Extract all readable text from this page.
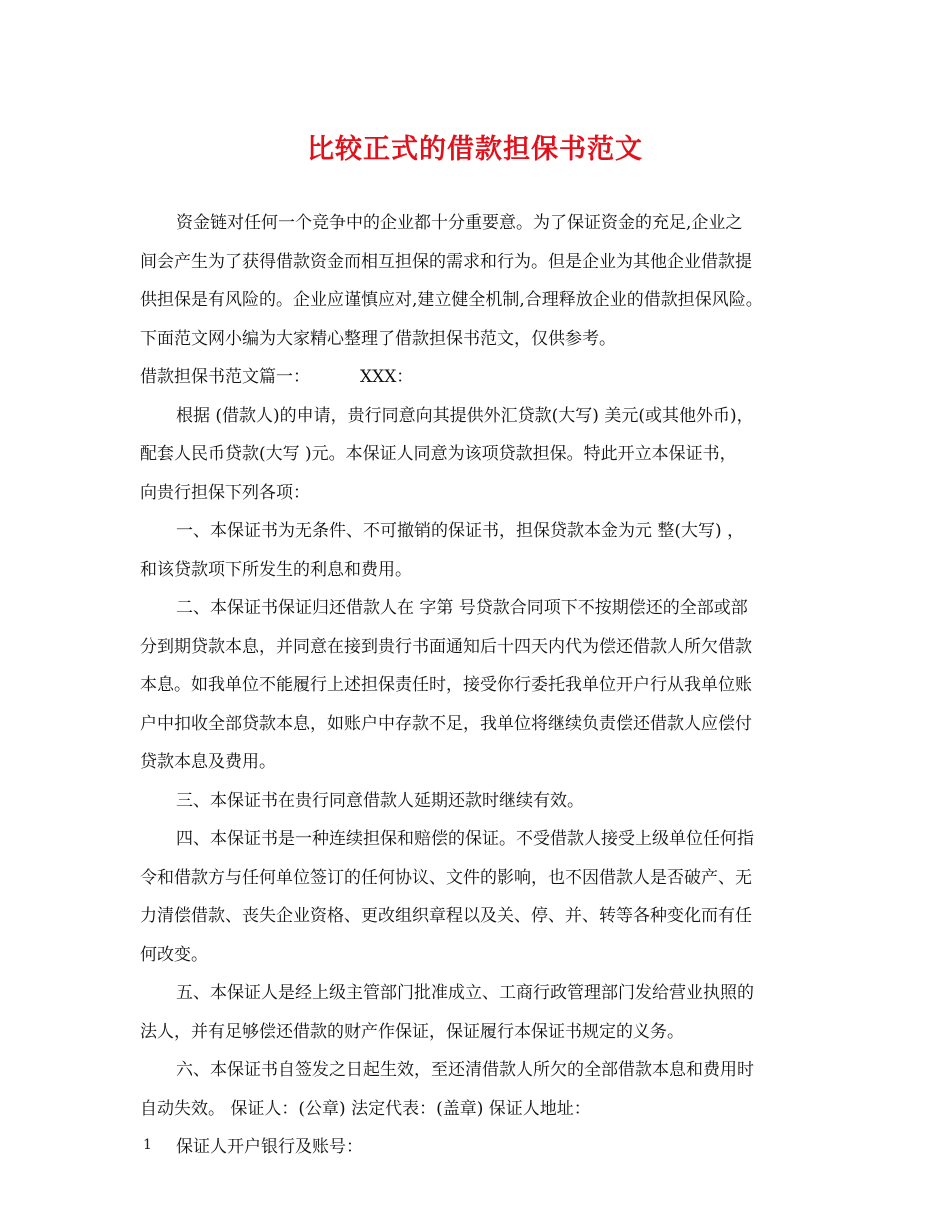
比较正式的借款担保书范文

资金链对任何一个竞争中的企业都十分重要意。为了保证资金的充足,企业之

间会产生为了获得借款资金而相互担保的需求和行为。但是企业为其他企业借款提

供担保是有风险的。企业应谨慎应对,建立健全机制,合理释放企业的借款担保风险。

下面范文网小编为大家精心整理了借款担保书范文，仅供参考。

借款担保书范文篇一：	XXX：

根据 (借款人)的申请，贵行同意向其提供外汇贷款(大写) 美元(或其他外币)，

配套人民币贷款(大写 )元。本保证人同意为该项贷款担保。特此开立本保证书，

向贵行担保下列各项：

一、本保证书为无条件、不可撤销的保证书，担保贷款本金为元 整(大写) ，

和该贷款项下所发生的利息和费用。

二、本保证书保证归还借款人在 字第 号贷款合同项下不按期偿还的全部或部

分到期贷款本息，并同意在接到贵行书面通知后十四天内代为偿还借款人所欠借款

本息。如我单位不能履行上述担保责任时，接受你行委托我单位开户行从我单位账

户中扣收全部贷款本息，如账户中存款不足，我单位将继续负责偿还借款人应偿付

贷款本息及费用。

三、本保证书在贵行同意借款人延期还款时继续有效。

四、本保证书是一种连续担保和赔偿的保证。不受借款人接受上级单位任何指

令和借款方与任何单位签订的任何协议、文件的影响，也不因借款人是否破产、无

力清偿借款、丧失企业资格、更改组织章程以及关、停、并、转等各种变化而有任

何改变。

五、本保证人是经上级主管部门批准成立、工商行政管理部门发给营业执照的

法人，并有足够偿还借款的财产作保证，保证履行本保证书规定的义务。

六、本保证书自签发之日起生效，至还清借款人所欠的全部借款本息和费用时

自动失效。 保证人：(公章) 法定代表：(盖章) 保证人地址：

保证人开户银行及账号：

1
